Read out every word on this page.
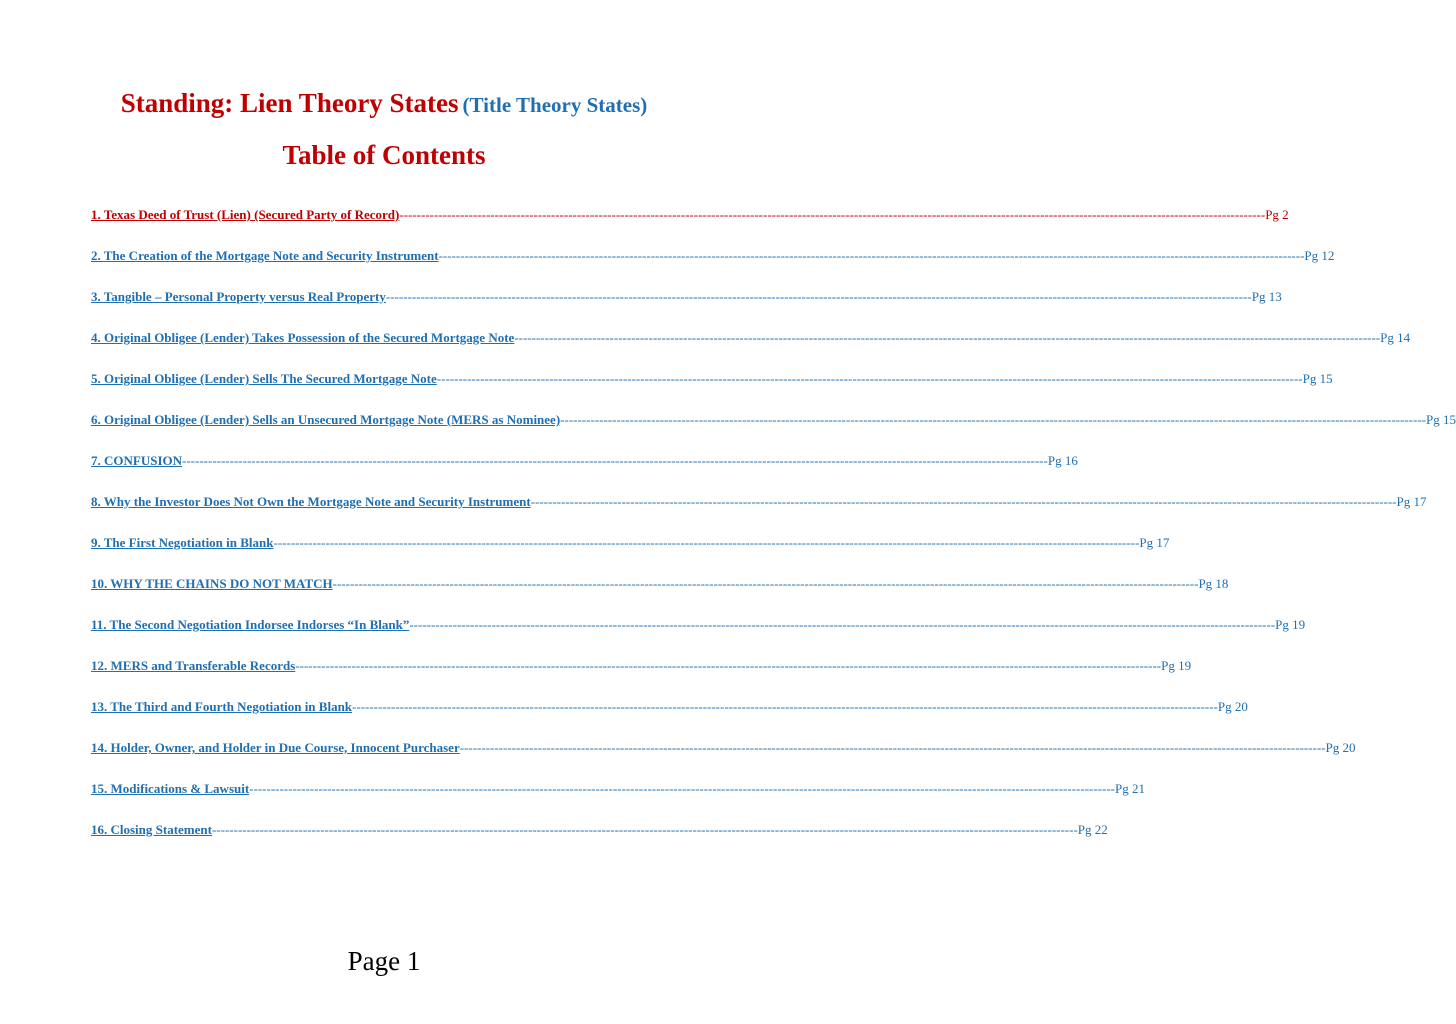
Standing: Lien Theory States (Title Theory States)
Table of Contents
1. Texas Deed of Trust (Lien) (Secured Party of Record) -------------------------------------------------------------------------------------------------------------------------------------------------------------------------------------------------------- Pg 2
2. The Creation of the Mortgage Note and Security Instrument -------------------------------------------------------------------------------------------------------------------------------------------------------------------------------------------------------- Pg 12
3. Tangible – Personal Property versus Real Property -------------------------------------------------------------------------------------------------------------------------------------------------------------------------------------------------------- Pg 13
4. Original Obligee (Lender) Takes Possession of the Secured Mortgage Note -------------------------------------------------------------------------------------------------------------------------------------------------------------------------------------------------------- Pg 14
5. Original Obligee (Lender) Sells The Secured Mortgage Note -------------------------------------------------------------------------------------------------------------------------------------------------------------------------------------------------------- Pg 15
6. Original Obligee (Lender) Sells an Unsecured Mortgage Note (MERS as Nominee) -------------------------------------------------------------------------------------------------------------------------------------------------------------------------------------------------------- Pg 15
7. CONFUSION -------------------------------------------------------------------------------------------------------------------------------------------------------------------------------------------------------- Pg 16
8. Why the Investor Does Not Own the Mortgage Note and Security Instrument -------------------------------------------------------------------------------------------------------------------------------------------------------------------------------------------------------- Pg 17
9. The First Negotiation in Blank -------------------------------------------------------------------------------------------------------------------------------------------------------------------------------------------------------- Pg 17
10. WHY THE CHAINS DO NOT MATCH -------------------------------------------------------------------------------------------------------------------------------------------------------------------------------------------------------- Pg 18
11. The Second Negotiation Indorsee Indorses “In Blank” -------------------------------------------------------------------------------------------------------------------------------------------------------------------------------------------------------- Pg 19
12. MERS and Transferable Records -------------------------------------------------------------------------------------------------------------------------------------------------------------------------------------------------------- Pg 19
13. The Third and Fourth Negotiation in Blank -------------------------------------------------------------------------------------------------------------------------------------------------------------------------------------------------------- Pg 20
14. Holder, Owner, and Holder in Due Course, Innocent Purchaser -------------------------------------------------------------------------------------------------------------------------------------------------------------------------------------------------------- Pg 20
15. Modifications & Lawsuit -------------------------------------------------------------------------------------------------------------------------------------------------------------------------------------------------------- Pg 21
16. Closing Statement -------------------------------------------------------------------------------------------------------------------------------------------------------------------------------------------------------- Pg 22
Page 1
